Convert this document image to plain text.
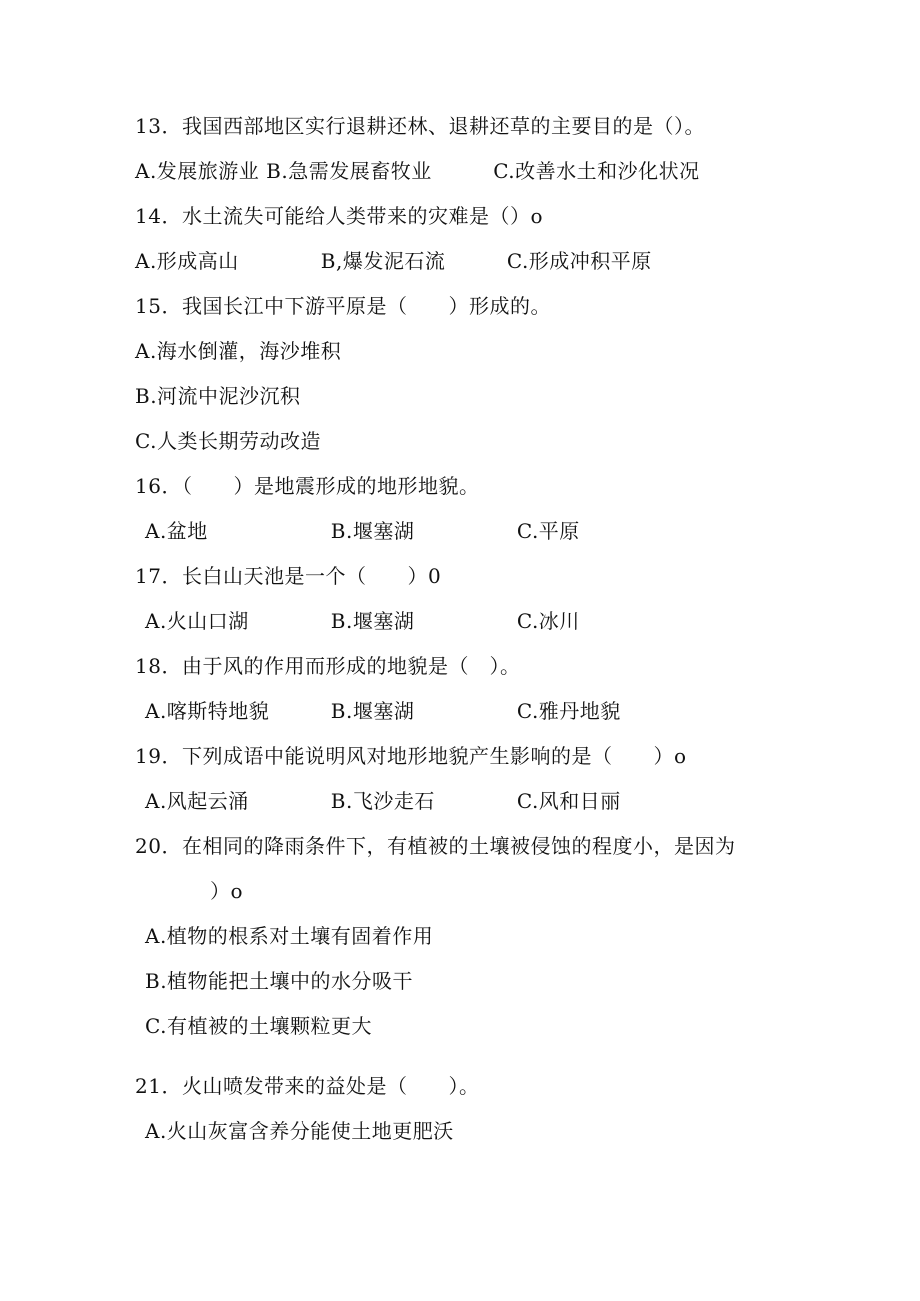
13．我国西部地区实行退耕还林、退耕还草的主要目的是（）。
A.发展旅游业 B.急需发展畜牧业　　　C.改善水土和沙化状况
14．水土流失可能给人类带来的灾难是（）o
A.形成高山　　　　B,爆发泥石流　　　C.形成冲积平原
15．我国长江中下游平原是（　　）形成的。
A.海水倒灌，海沙堆积
B.河流中泥沙沉积
C.人类长期劳动改造
16．（　　）是地震形成的地形地貌。
A.盆地　　　　　　B.堰塞湖　　　　　C.平原
17．长白山天池是一个（　　）0
A.火山口湖　　　　B.堰塞湖　　　　　C.冰川
18．由于风的作用而形成的地貌是（　）。
A.喀斯特地貌　　　B.堰塞湖　　　　　C.雅丹地貌
19．下列成语中能说明风对地形地貌产生影响的是（　　）o
A.风起云涌　　　　B.飞沙走石　　　　C.风和日丽
20．在相同的降雨条件下，有植被的土壤被侵蚀的程度小，是因为
）o
A.植物的根系对土壤有固着作用
B.植物能把土壤中的水分吸干
C.有植被的土壤颗粒更大
21．火山喷发带来的益处是（　　）。
A.火山灰富含养分能使土地更肥沃
